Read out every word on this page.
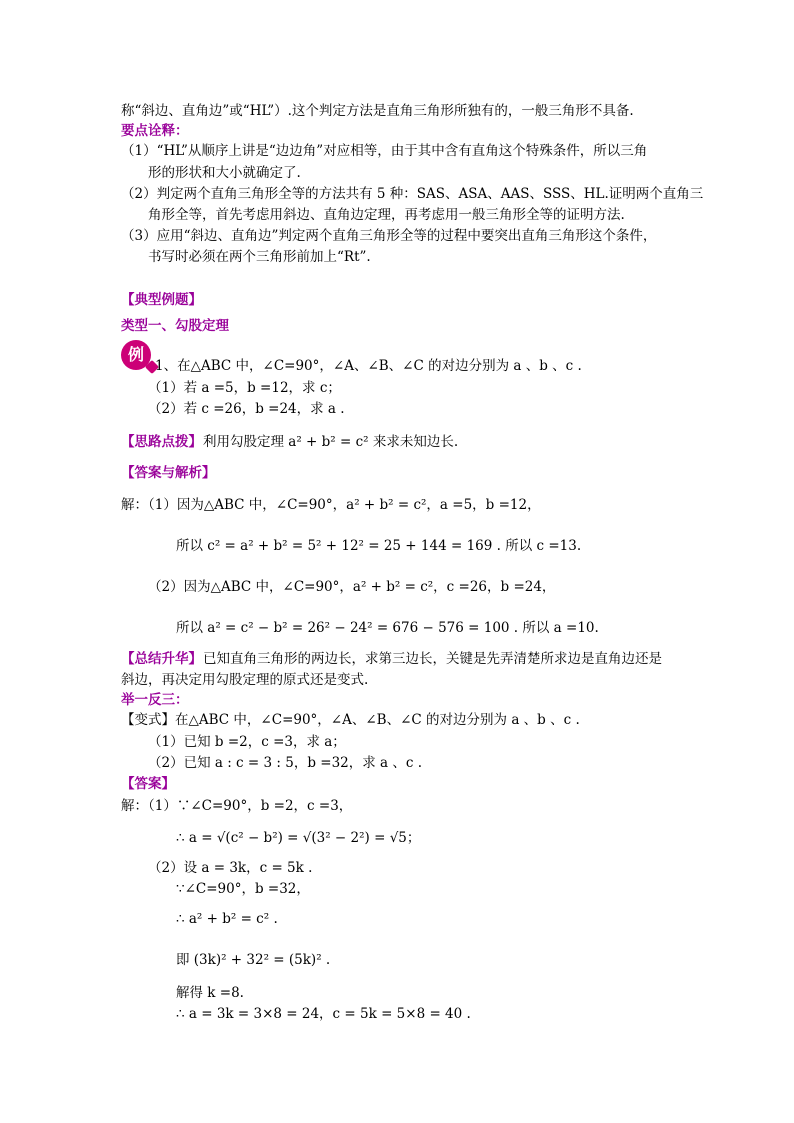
称“斜边、直角边”或“HL”）.这个判定方法是直角三角形所独有的，一般三角形不具备.
要点诠释：
（1）“HL”从顺序上讲是“边边角”对应相等，由于其中含有直角这个特殊条件，所以三角
形的形状和大小就确定了.
（2）判定两个直角三角形全等的方法共有 5 种：SAS、ASA、AAS、SSS、HL.证明两个直角三
角形全等，首先考虑用斜边、直角边定理，再考虑用一般三角形全等的证明方法.
（3）应用“斜边、直角边”判定两个直角三角形全等的过程中要突出直角三角形这个条件，
书写时必须在两个三角形前加上“Rt”.
【典型例题】
类型一、勾股定理
例
1、在△ABC 中，∠C=90°，∠A、∠B、∠C 的对边分别为 a 、b 、c .
（1）若 a =5，b =12，求 c；
（2）若 c =26，b =24，求 a .
【思路点拨】 利用勾股定理 a² + b² = c² 来求未知边长.
【答案与解析】
解：（1）因为△ABC 中，∠C=90°，a² + b² = c²，a =5，b =12，
所以 c² = a² + b² = 5² + 12² = 25 + 144 = 169 . 所以 c =13.
（2）因为△ABC 中，∠C=90°，a² + b² = c²，c =26，b =24，
所以 a² = c² − b² = 26² − 24² = 676 − 576 = 100 . 所以 a =10.
【总结升华】 已知直角三角形的两边长，求第三边长，关键是先弄清楚所求边是直角边还是
斜边，再决定用勾股定理的原式还是变式.
举一反三：
【变式】在△ABC 中，∠C=90°，∠A、∠B、∠C 的对边分别为 a 、b 、c .
（1）已知 b =2，c =3，求 a；
（2）已知 a : c = 3 : 5，b =32，求 a 、c .
【答案】
解：（1）∵∠C=90°，b =2，c =3，
∴ a = √(c² − b²) = √(3² − 2²) = √5；
（2）设 a = 3k，c = 5k .
∵∠C=90°，b =32，
∴ a² + b² = c² .
即 (3k)² + 32² = (5k)² .
解得 k =8.
∴ a = 3k = 3×8 = 24，c = 5k = 5×8 = 40 .
